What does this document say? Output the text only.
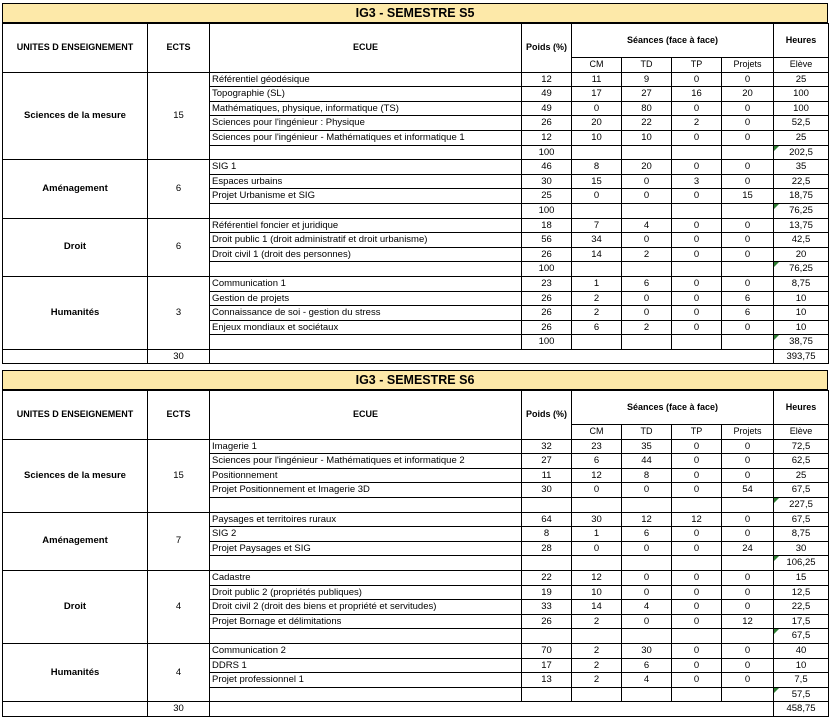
IG3 - SEMESTRE S5
UNITES D ENSEIGNEMENT	ECTS	ECUE	Poids (%)	Séances (face à face)				Heures
				CM	TD	TP	Projets	Elève
Sciences de la mesure	15	Référentiel géodésique	12	11	9	0	0	25
		Topographie (SL)	49	17	27	16	20	100
		Mathématiques, physique, informatique (TS)	49	0	80	0	0	100
		Sciences pour l'ingénieur : Physique	26	20	22	2	0	52,5
		Sciences pour l'ingénieur - Mathématiques et informatique 1	12	10	10	0	0	25
			100					202,5
Aménagement	6	SIG 1	46	8	20	0	0	35
		Espaces urbains	30	15	0	3	0	22,5
		Projet Urbanisme et SIG	25	0	0	0	15	18,75
			100					76,25
Droit	6	Référentiel foncier et juridique	18	7	4	0	0	13,75
		Droit public 1 (droit administratif et droit urbanisme)	56	34	0	0	0	42,5
		Droit civil 1 (droit des personnes)	26	14	2	0	0	20
			100					76,25
Humanités	3	Communication 1	23	1	6	0	0	8,75
		Gestion de projets	26	2	0	0	6	10
		Connaissance de soi - gestion du stress	26	2	0	0	6	10
		Enjeux mondiaux et sociétaux	26	6	2	0	0	10
			100					38,75
	30							393,75
IG3 - SEMESTRE S6
UNITES D ENSEIGNEMENT	ECTS	ECUE	Poids (%)	Séances (face à face)				Heures
				CM	TD	TP	Projets	Elève
Sciences de la mesure	15	Imagerie 1	32	23	35	0	0	72,5
		Sciences pour l'ingénieur - Mathématiques et informatique 2	27	6	44	0	0	62,5
		Positionnement	11	12	8	0	0	25
		Projet Positionnement et Imagerie 3D	30	0	0	0	54	67,5
								227,5
Aménagement	7	Paysages et territoires ruraux	64	30	12	12	0	67,5
		SIG 2	8	1	6	0	0	8,75
		Projet Paysages et SIG	28	0	0	0	24	30
								106,25
Droit	4	Cadastre	22	12	0	0	0	15
		Droit public 2 (propriétés publiques)	19	10	0	0	0	12,5
		Droit civil 2 (droit des biens et propriété et servitudes)	33	14	4	0	0	22,5
		Projet Bornage et délimitations	26	2	0	0	12	17,5
								67,5
Humanités	4	Communication 2	70	2	30	0	0	40
		DDRS 1	17	2	6	0	0	10
		Projet professionnel 1	13	2	4	0	0	7,5
								57,5
	30							458,75
